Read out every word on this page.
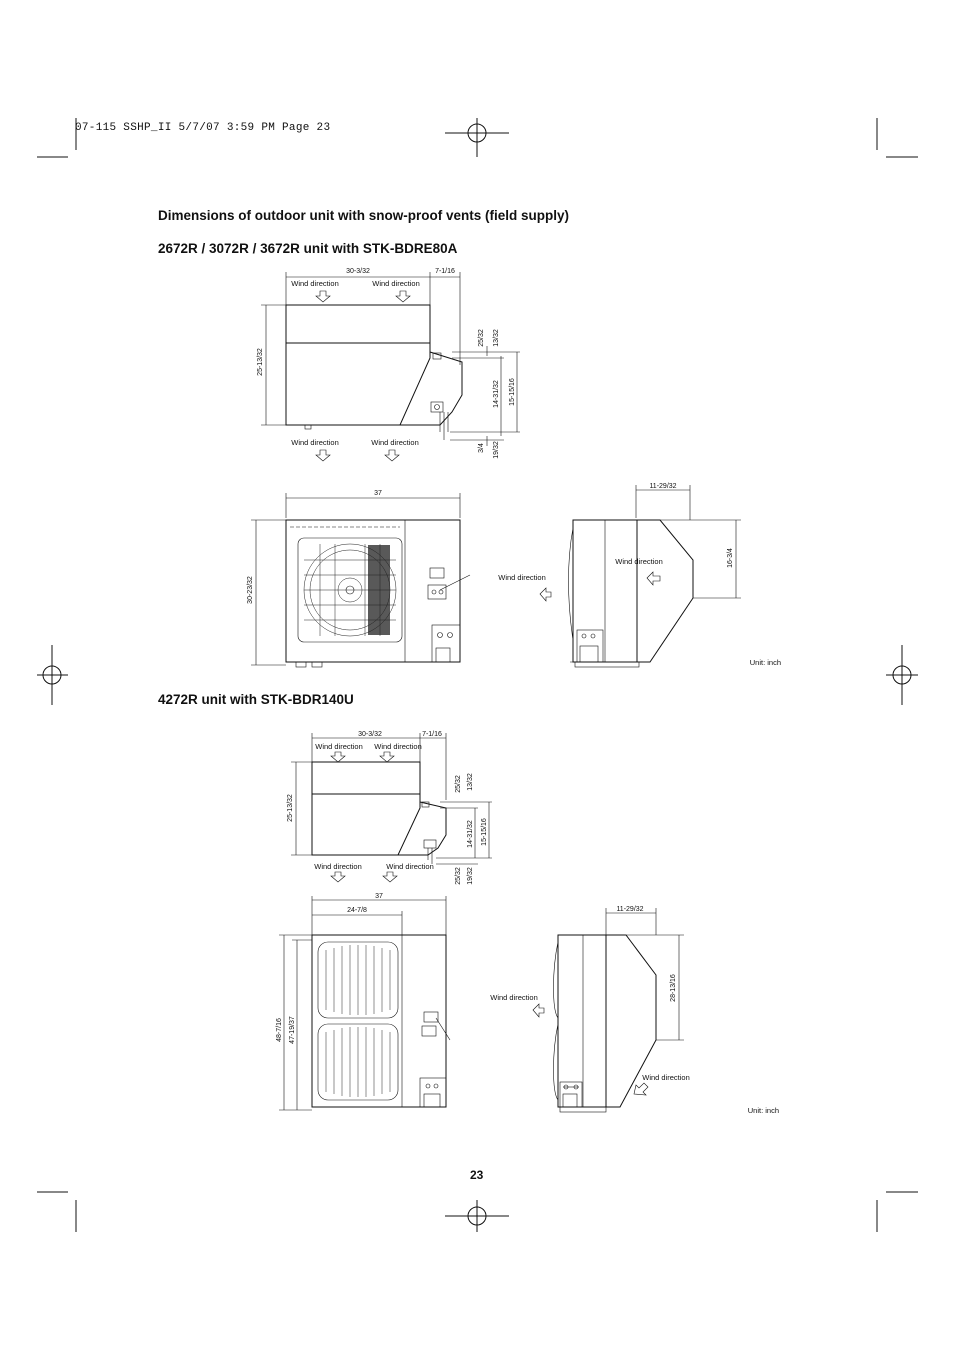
07-115 SSHP_II 5/7/07 3:59 PM Page 23
Dimensions of outdoor unit with snow-proof vents (field supply)
2672R / 3072R / 3672R unit with STK-BDRE80A
4272R unit with STK-BDR140U
23
30-3/32	7-1/16
Wind direction	Wind direction
25-13/32
25/32 13/32
14-31/32 15-15/16
3/4 19/32
Wind direction	Wind direction
37
30-23/32
11-29/32
16-3/4
Wind direction
Wind direction
Unit: inch
30-3/32	7-1/16
Wind direction Wind direction
25-13/32
25/32 13/32
14-31/32 15-15/16
25/32 19/32
Wind direction	Wind direction
37
24-7/8
48-7/16 47-19/37
11-29/32
28-13/16
Wind direction
Wind direction
Unit: inch
